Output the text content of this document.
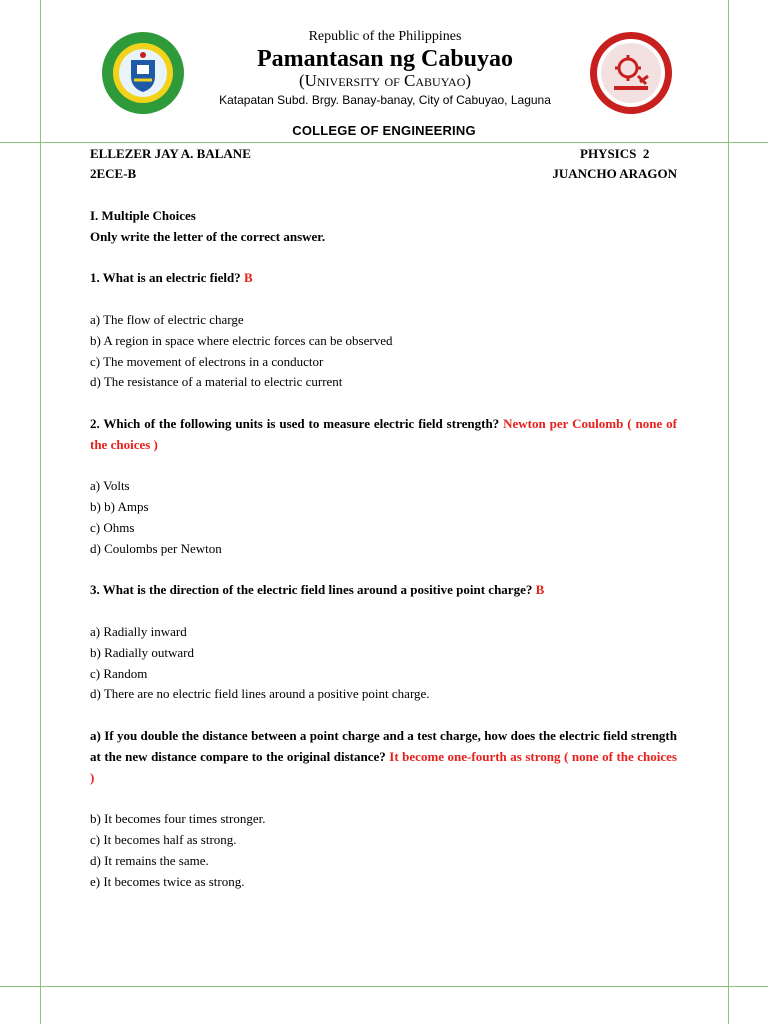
Republic of the Philippines
Pamantasan ng Cabuyao
(University of Cabuyao)
Katapatan Subd. Brgy. Banay-banay, City of Cabuyao, Laguna
COLLEGE OF ENGINEERING
ELLEZER JAY A. BALANE
2ECE-B
PHYSICS  2
JUANCHO ARAGON
I. Multiple Choices
Only write the letter of the correct answer.
1. What is an electric field? B
a) The flow of electric charge
b) A region in space where electric forces can be observed
c) The movement of electrons in a conductor
d) The resistance of a material to electric current
2. Which of the following units is used to measure electric field strength? Newton per Coulomb ( none of the choices )
a) Volts
b) b) Amps
c) Ohms
d) Coulombs per Newton
3. What is the direction of the electric field lines around a positive point charge? B
a) Radially inward
b) Radially outward
c) Random
d) There are no electric field lines around a positive point charge.
a) If you double the distance between a point charge and a test charge, how does the electric field strength at the new distance compare to the original distance? It become one-fourth as strong ( none of the choices )
b) It becomes four times stronger.
c) It becomes half as strong.
d) It remains the same.
e) It becomes twice as strong.
